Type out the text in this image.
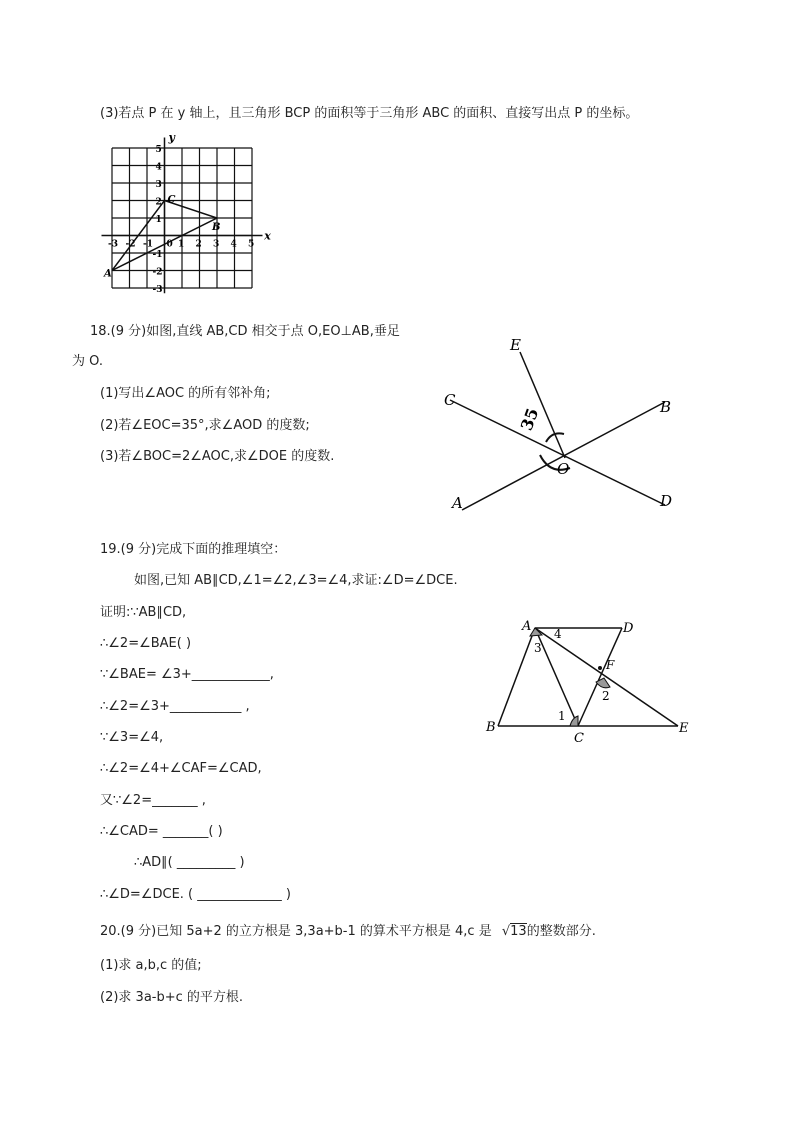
(3)若点 P 在 y 轴上，且三角形 BCP 的面积等于三角形 ABC 的面积、直接写出点 P 的坐标。
x
y
0
-3 -2 -1	1 2 3 4 5
5
4
3
2
1
-1
-2
-3
A
B
C
18.(9 分)如图,直线 AB,CD 相交于点 O,EO⊥AB,垂足
为 O.
(1)写出∠AOC 的所有邻补角;
(2)若∠EOC=35°,求∠AOD 的度数;
(3)若∠BOC=2∠AOC,求∠DOE 的度数.
E
C	B
A	D
O
35
19.(9 分)完成下面的推理填空：
如图,已知 AB∥CD,∠1=∠2,∠3=∠4,求证:∠D=∠DCE.
证明:∵AB∥CD,
∴∠2=∠BAE( )
∵∠BAE= ∠3+____________,
∴∠2=∠3+___________ ,
∵∠3=∠4,
∴∠2=∠4+∠CAF=∠CAD,
又∵∠2=_______ ,
∴∠CAD= _______( )
∴AD∥( _________ )
∴∠D=∠DCE. ( _____________ )
A	D
B
C
E
F
1
2
3
4
20.(9 分)已知 5a+2 的立方根是 3,3a+b-1 的算术平方根是 4,c 是 √13的整数部分.
(1)求 a,b,c 的值;
(2)求 3a-b+c 的平方根.
